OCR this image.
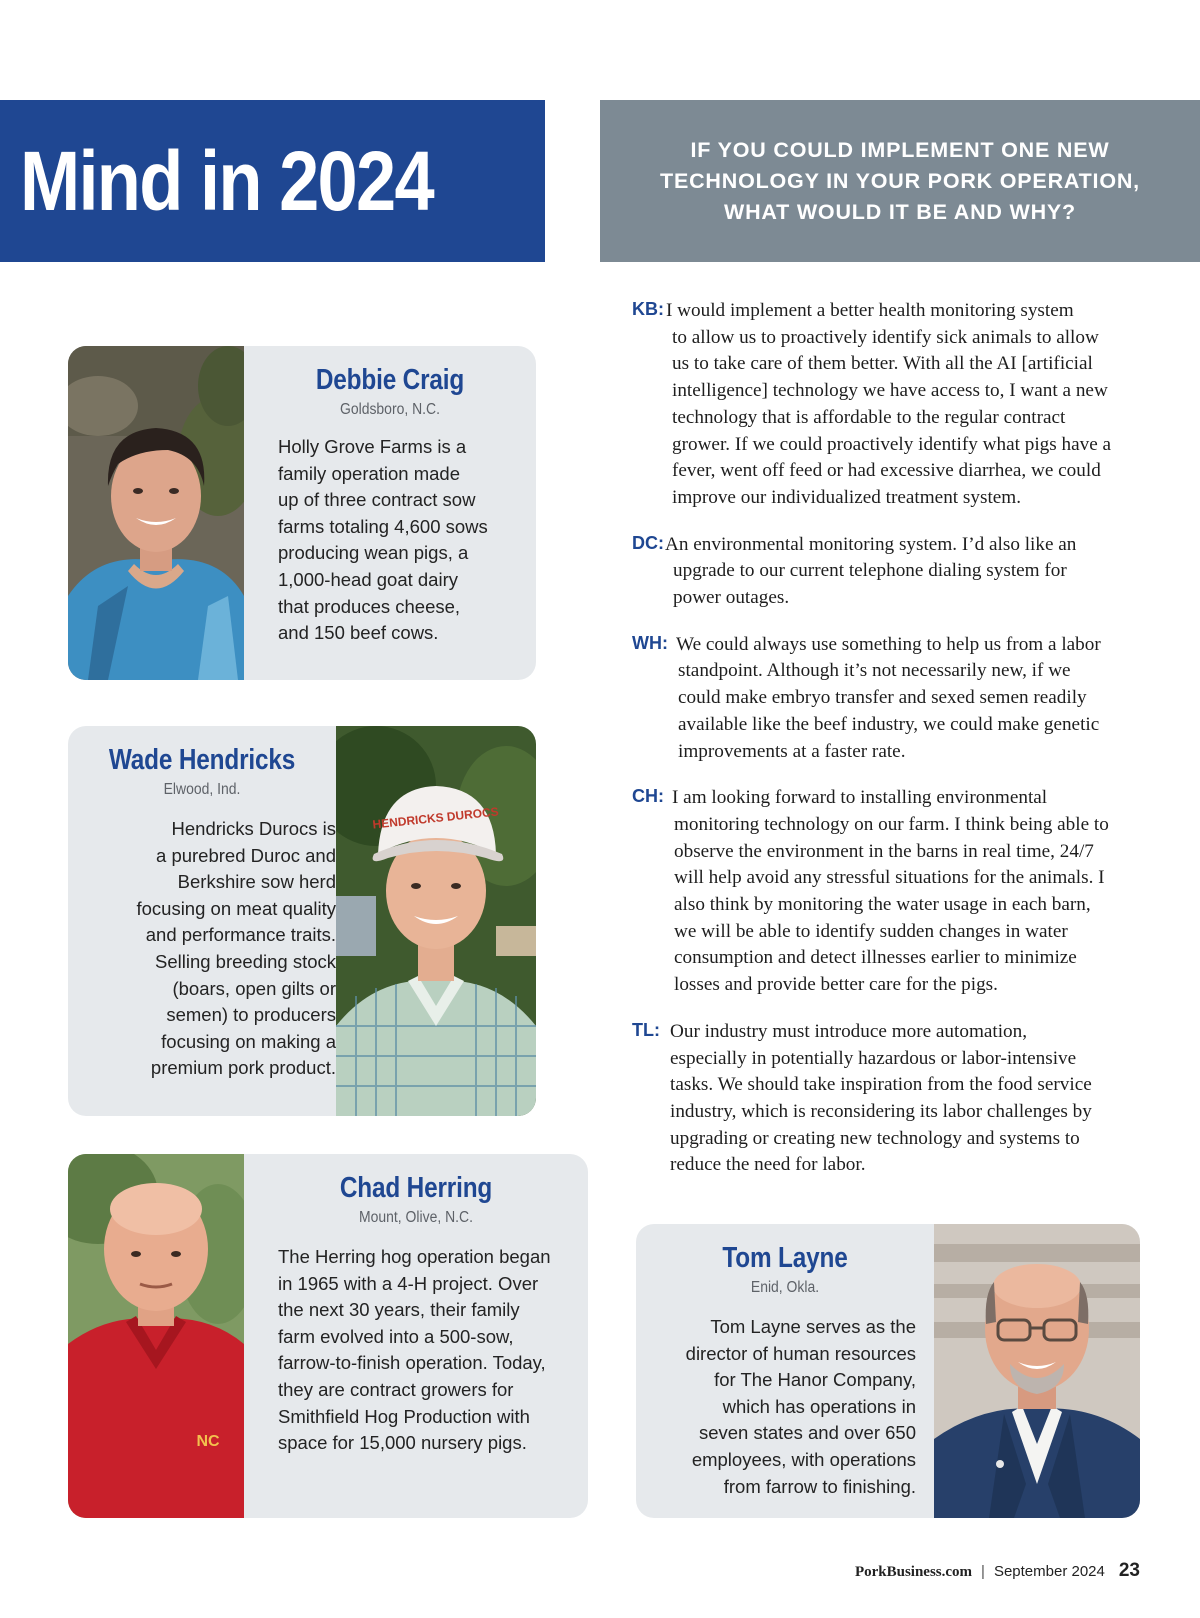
Mind in 2024	IF YOU COULD IMPLEMENT ONE NEW TECHNOLOGY IN YOUR PORK OPERATION, WHAT WOULD IT BE AND WHY?

Debbie Craig
Goldsboro, N.C.
Holly Grove Farms is a
family operation made
up of three contract sow
farms totaling 4,600 sows
producing wean pigs, a
1,000-head goat dairy
that produces cheese,
and 150 beef cows.
Wade Hendricks
Elwood, Ind.
Hendricks Durocs is
a purebred Duroc and
Berkshire sow herd
focusing on meat quality
and performance traits.
Selling breeding stock
(boars, open gilts or
semen) to producers
focusing on making a
premium pork product.
HENDRICKS DUROCS
NC
Chad Herring
Mount, Olive, N.C.
The Herring hog operation began
in 1965 with a 4-H project. Over
the next 30 years, their family
farm evolved into a 500-sow,
farrow-to-finish operation. Today,
they are contract growers for
Smithfield Hog Production with
space for 15,000 nursery pigs.
Tom Layne
Enid, Okla.
Tom Layne serves as the
director of human resources
for The Hanor Company,
which has operations in
seven states and over 650
employees, with operations
from farrow to finishing.
KB: I would implement a better health monitoring system
to allow us to proactively identify sick animals to allow
us to take care of them better. With all the AI [artificial
intelligence] technology we have access to, I want a new
technology that is affordable to the regular contract
grower. If we could proactively identify what pigs have a
fever, went off feed or had excessive diarrhea, we could
improve our individualized treatment system.
DC: An environmental monitoring system. I’d also like an
upgrade to our current telephone dialing system for
power outages.
WH: We could always use something to help us from a labor
standpoint. Although it’s not necessarily new, if we
could make embryo transfer and sexed semen readily
available like the beef industry, we could make genetic
improvements at a faster rate.
CH: I am looking forward to installing environmental
monitoring technology on our farm. I think being able to
observe the environment in the barns in real time, 24/7
will help avoid any stressful situations for the animals. I
also think by monitoring the water usage in each barn,
we will be able to identify sudden changes in water
consumption and detect illnesses earlier to minimize
losses and provide better care for the pigs.
TL: Our industry must introduce more automation,
especially in potentially hazardous or labor-intensive
tasks. We should take inspiration from the food service
industry, which is reconsidering its labor challenges by
upgrading or creating new technology and systems to
reduce the need for labor.
PorkBusiness.com | September 2024 23
